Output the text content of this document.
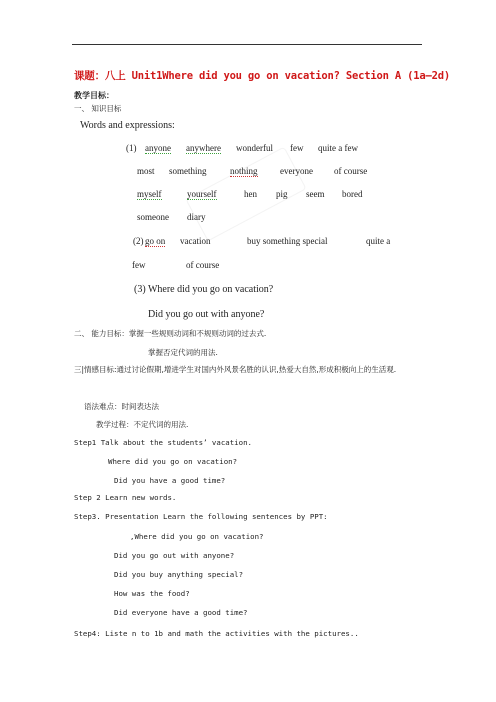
课题：八上 Unit1Where did you go on vacation? Section A (1a—2d)
教学目标：
一、 知识目标
Words and expressions:
(1) anyone anywhere wonderful few quite a few
most something	nothing everyone of course
myself	yourself	hen pig seem bored
someone diary
(2) go on vacation	buy something special	quite a
few	of course
(3) Where did you go on vacation?
Did you go out with anyone?
二、 能力目标：掌握一些规则动词和不规则动词的过去式.
掌握否定代词的用法.
三|情感目标:通过讨论假期,增进学生对国内外风景名胜的认识,热爱大自然,形成积极向上的生活观.
语法难点：时间表达法
教学过程：不定代词的用法.
Step1 Talk about the students’ vacation.
Where did you go on vacation?
Did you have a good time?
Step 2 Learn new words.
Step3. Presentation Learn the following sentences by PPT:
,Where did you go on vacation?
Did you go out with anyone?
Did you buy anything special?
How was the food?
Did everyone have a good time?
Step4: Liste n to 1b and math the activities with the pictures..
